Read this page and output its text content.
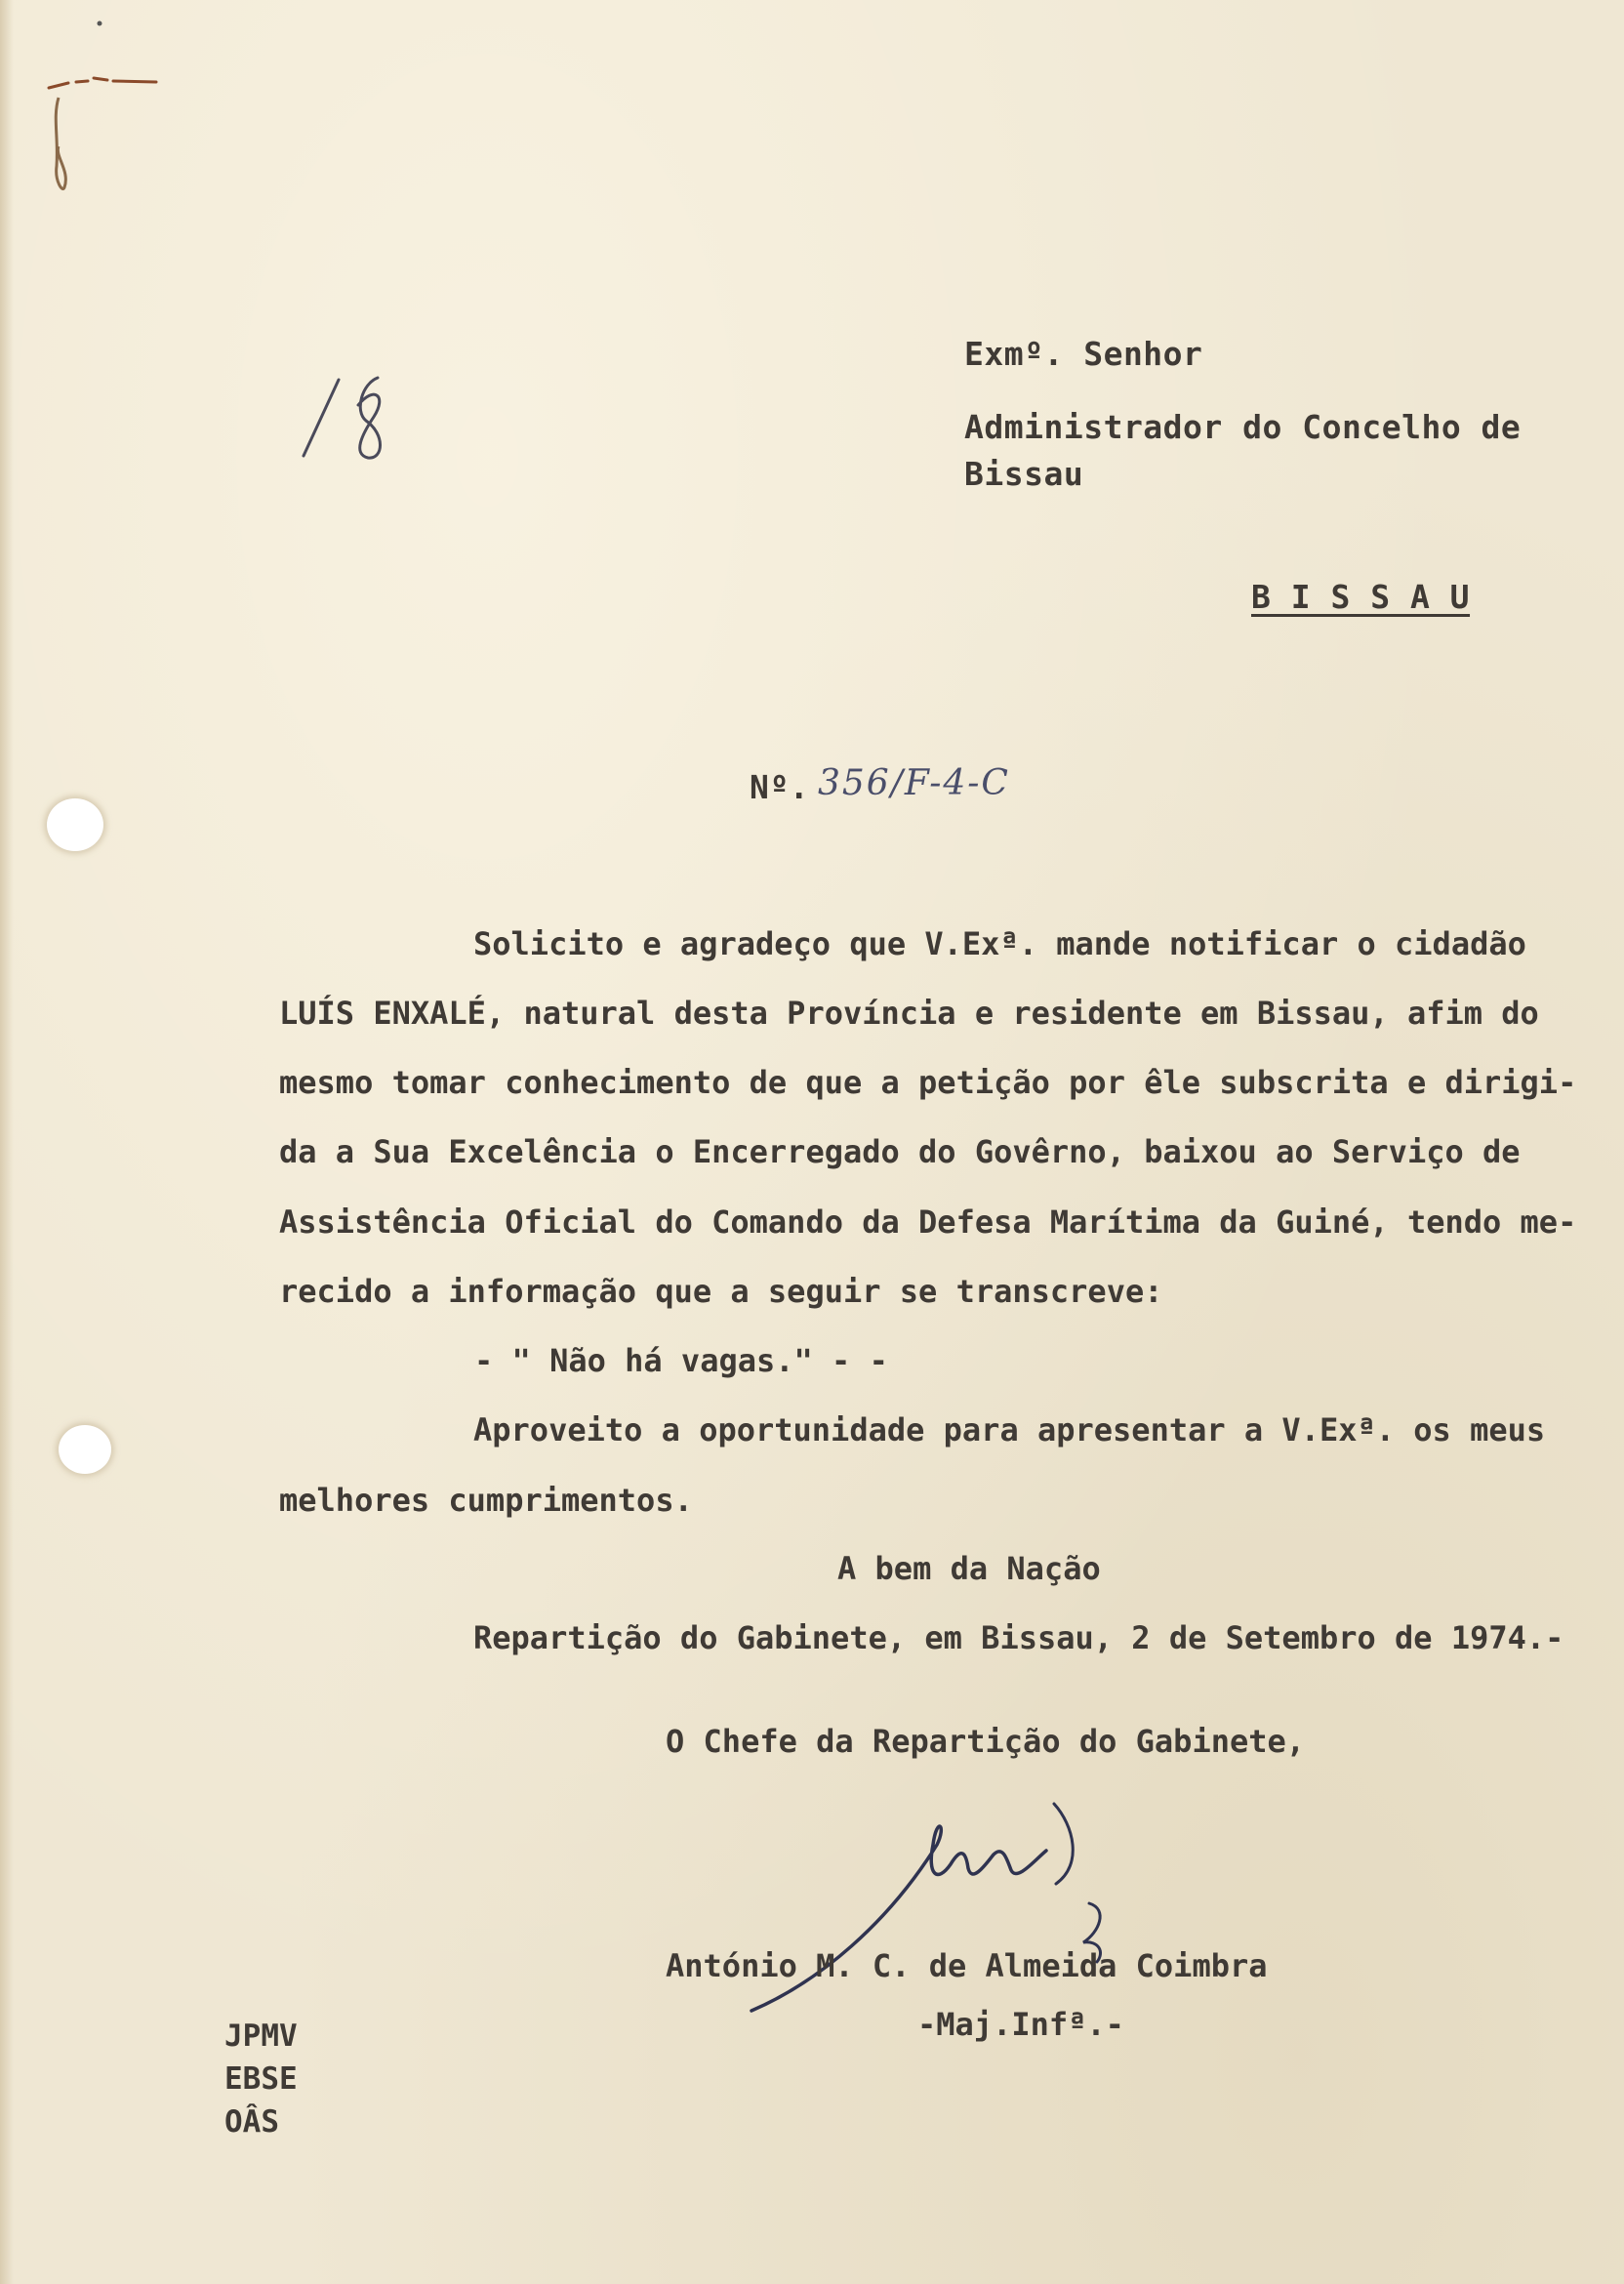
Exmº. Senhor
Administrador do Concelho de
Bissau
B I S S A U
Nº. 356/F-4-C
Solicito e agradeço que V.Exª. mande notificar o cidadão
LUÍS ENXALÉ, natural desta Província e residente em Bissau, afim do
mesmo tomar conhecimento de que a petição por êle subscrita e dirigi-
da a Sua Excelência o Encerregado do Govêrno, baixou ao Serviço de
Assistência Oficial do Comando da Defesa Marítima da Guiné, tendo me-
recido a informação que a seguir se transcreve:
- " Não há vagas." - -
Aproveito a oportunidade para apresentar a V.Exª. os meus
melhores cumprimentos.
A bem da Nação
Repartição do Gabinete, em Bissau, 2 de Setembro de 1974.-
O Chefe da Repartição do Gabinete,
António M. C. de Almeida Coimbra
-Maj.Infª.-
JPMV
EBSE
OÂS
